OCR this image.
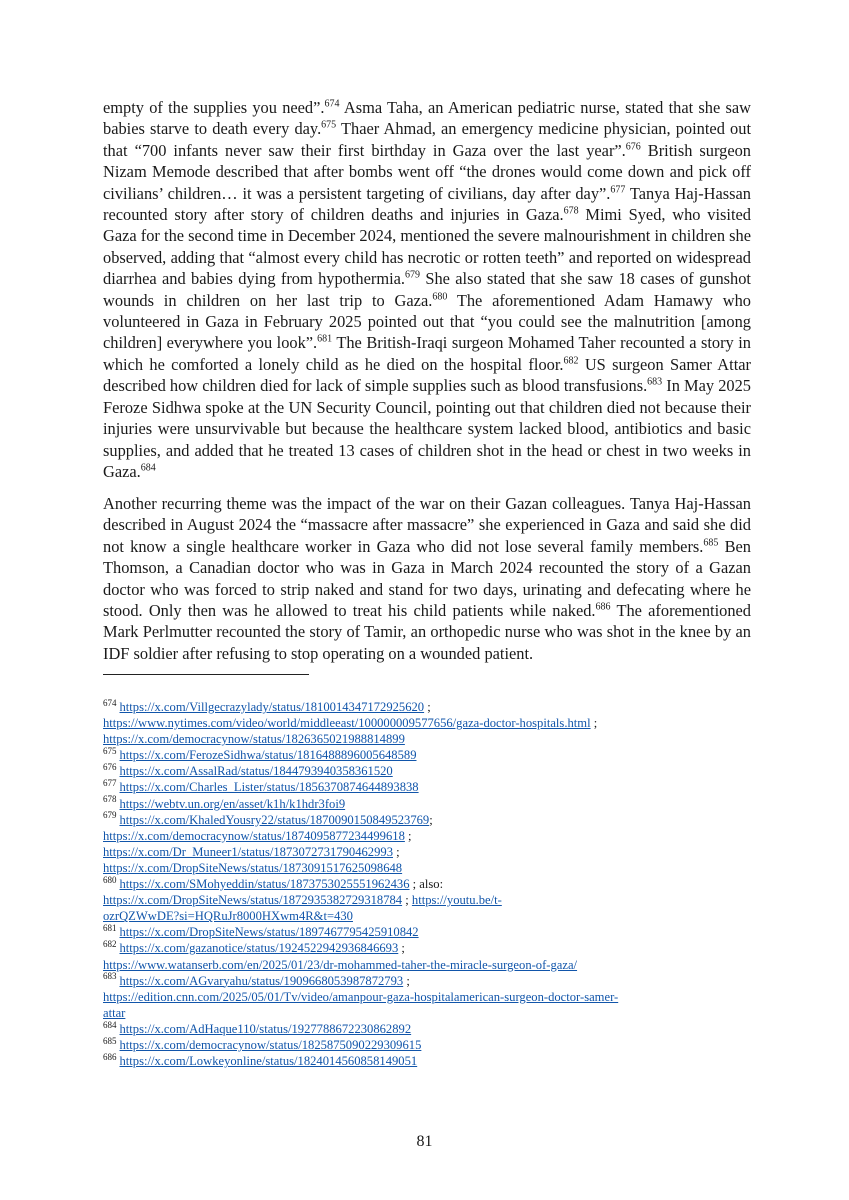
empty of the supplies you need”.$^{674}$ Asma Taha, an American pediatric nurse, stated that she saw babies starve to death every day.$^{675}$ Thaer Ahmad, an emergency medicine physician, pointed out that “700 infants never saw their first birthday in Gaza over the last year”.$^{676}$ British surgeon Nizam Memode described that after bombs went off “the drones would come down and pick off civilians’ children… it was a persistent targeting of civilians, day after day”.$^{677}$ Tanya Haj-Hassan recounted story after story of children deaths and injuries in Gaza.$^{678}$ Mimi Syed, who visited Gaza for the second time in December 2024, mentioned the severe malnourishment in children she observed, adding that “almost every child has necrotic or rotten teeth” and reported on widespread diarrhea and babies dying from hypothermia.$^{679}$ She also stated that she saw 18 cases of gunshot wounds in children on her last trip to Gaza.$^{680}$ The aforementioned Adam Hamawy who volunteered in Gaza in February 2025 pointed out that “you could see the malnutrition [among children] everywhere you look”.$^{681}$ The British-Iraqi surgeon Mohamed Taher recounted a story in which he comforted a lonely child as he died on the hospital floor.$^{682}$ US surgeon Samer Attar described how children died for lack of simple supplies such as blood transfusions.$^{683}$ In May 2025 Feroze Sidhwa spoke at the UN Security Council, pointing out that children died not because their injuries were unsurvivable but because the healthcare system lacked blood, antibiotics and basic supplies, and added that he treated 13 cases of children shot in the head or chest in two weeks in Gaza.$^{684}$

Another recurring theme was the impact of the war on their Gazan colleagues. Tanya Haj-Hassan described in August 2024 the “massacre after massacre” she experienced in Gaza and said she did not know a single healthcare worker in Gaza who did not lose several family members.$^{685}$ Ben Thomson, a Canadian doctor who was in Gaza in March 2024 recounted the story of a Gazan doctor who was forced to strip naked and stand for two days, urinating and defecating where he stood. Only then was he allowed to treat his child patients while naked.$^{686}$ The aforementioned Mark Perlmutter recounted the story of Tamir, an orthopedic nurse who was shot in the knee by an IDF soldier after refusing to stop operating on a wounded patient.

$^{674}$ https://x.com/Villgecrazylady/status/1810014347172925620 ;
https://www.nytimes.com/video/world/middleeast/100000009577656/gaza-doctor-hospitals.html ;
https://x.com/democracynow/status/1826365021988814899
$^{675}$ https://x.com/FerozeSidhwa/status/1816488896005648589
$^{676}$ https://x.com/AssalRad/status/1844793940358361520
$^{677}$ https://x.com/Charles_Lister/status/1856370874644893838
$^{678}$ https://webtv.un.org/en/asset/k1h/k1hdr3foi9
$^{679}$ https://x.com/KhaledYousry22/status/1870090150849523769;
https://x.com/democracynow/status/1874095877234499618 ;
https://x.com/Dr_Muneer1/status/1873072731790462993 ;
https://x.com/DropSiteNews/status/1873091517625098648
$^{680}$ https://x.com/SMohyeddin/status/1873753025551962436 ; also:
https://x.com/DropSiteNews/status/1872935382729318784 ; https://youtu.be/t-
ozrQZWwDE?si=HQRuJr8000HXwm4R&t=430
$^{681}$ https://x.com/DropSiteNews/status/1897467795425910842
$^{682}$ https://x.com/gazanotice/status/1924522942936846693 ;
https://www.watanserb.com/en/2025/01/23/dr-mohammed-taher-the-miracle-surgeon-of-gaza/
$^{683}$ https://x.com/AGvaryahu/status/1909668053987872793 ;
https://edition.cnn.com/2025/05/01/Tv/video/amanpour-gaza-hospitalamerican-surgeon-doctor-samer-
attar
$^{684}$ https://x.com/AdHaque110/status/1927788672230862892
$^{685}$ https://x.com/democracynow/status/1825875090229309615
$^{686}$ https://x.com/Lowkeyonline/status/1824014560858149051
81
